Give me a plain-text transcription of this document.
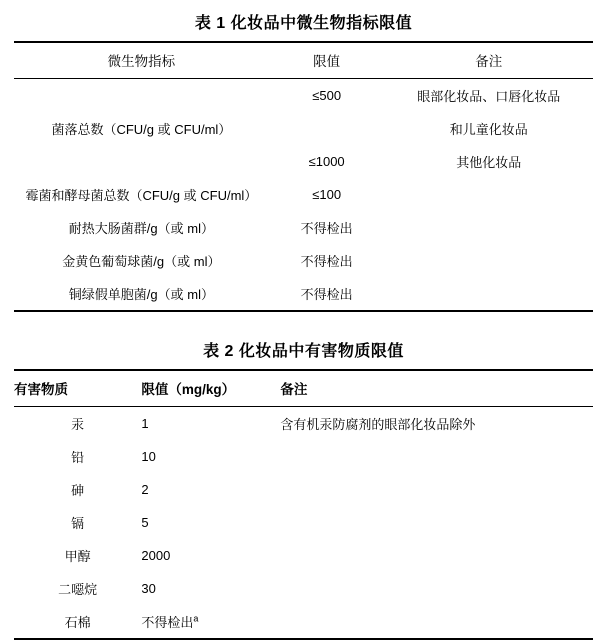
表 1 化妆品中微生物指标限值
微生物指标	限值	备注
	≤500	眼部化妆品、口唇化妆品
菌落总数（CFU/g 或 CFU/ml）		和儿童化妆品
	≤1000	其他化妆品
霉菌和酵母菌总数（CFU/g 或 CFU/ml）	≤100	
耐热大肠菌群/g（或 ml）	不得检出	
金黄色葡萄球菌/g（或 ml）	不得检出	
铜绿假单胞菌/g（或 ml）	不得检出	
表 2 化妆品中有害物质限值
有害物质	限值（mg/kg）	备注
汞	1	含有机汞防腐剂的眼部化妆品除外
铅	10	
砷	2	
镉	5	
甲醇	2000	
二噁烷	30	
石棉	不得检出$^a$	
